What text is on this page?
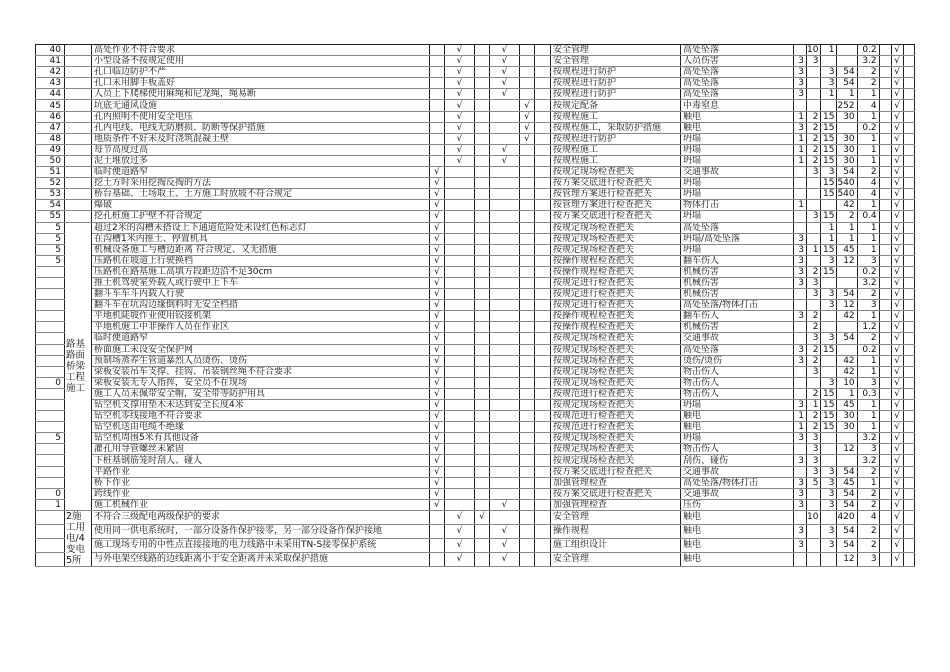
40		高处作业不符合要求		√		√			安全管理	高处坠落		10	1		0.2		√	
41		小型设备不按规定使用		√		√			安全管理	人员伤害	3	3			3.2		√	
42		孔口临边防护不严		√		√			按规程进行防护	高处坠落	3		3	54	2		√	
43		孔口未用脚手板盖好		√		√			按规程进行防护	高处坠落	3		3	54	2		√	
44		人员上下爬梯使用麻绳和尼龙绳，绳易断		√		√			按规程进行防护	高处坠落	3		1	1	1		√	
45		坑底无通风设施		√			√		按规定配备	中毒窒息				252	4		√	
46		孔内照明不使用安全电压		√			√		按规程施工	触电	1	2	15	30	1		√	
47		孔内电线、电线无防磨损、防断等保护措施		√			√		按规程施工，采取防护措施	触电	3	2	15		0.2		√	
48		地质条件不好未及时浇筑混凝土壁		√			√		按规程进行防护	坍塌	1	2	15	30	1		√	
49		每节高度过高		√		√			按规程施工	坍塌	1	2	15	30	1		√	
50		泥土堆放过多		√		√			按规程施工	坍塌	1	2	15	30	1		√	
51		临时便道路窄	√						按规定现场检查把关	交通事故		3	3	54	2		√	
52		挖土方时采用挖掏反掏的方法	√						按方案交底进行检查把关	坍塌			15	540	4		√	
53		桥台基础、土场取土、土方施工时放坡不符合规定	√						按管理方案进行检查把关	坍塌			15	540	4		√	
54		爆破	√						按管理方案进行检查把关	物体打击	1			42	1		√	
55		挖孔桩施工护壁不符合规定	√						按方案交底进行检查把关	坍塌		3	15	2	0.4		√	
5	路基路面桥梁工程施工	超过2米的沟槽未搭设上下通道危险处未设红色标志灯	√						按规定现场检查把关	高处坠落			1	1	1		√	
5		在沟槽1米内推土、停置机具	√						按规定现场检查把关	坍塌/高处坠落	3		1	1	1		√	
5		机械设备施工与槽边距离 符合规定、又无措施	√						按规定现场检查把关	坍塌	3	1	15	45	1		√	
5		压路机在坡道上行驶换档	√						按操作规程检查把关	翻车伤人	3		3	12	3		√	
		压路机在路基施工高填方段距边沿不足30cm	√						按操作规程检查把关	机械伤害	3	2	15		0.2		√	
		推土机驾驶室外载人或行驶中上下车	√						按规定进行检查把关	机械伤害	3	3			3.2		√	
		翻斗车车斗内载人行驶	√						按规定进行检查把关	机械伤害		3	3	54	2		√	
		翻斗车在坑沟边缘倒料时无安全档措	√						按规定进行检查把关	高处坠落/物体打击			3	12	3		√	
		平地机陡坡作业使用铰接机架	√						按操作规程检查把关	翻车伤人	3	2		42	1		√	
		平地机施工中非操作人员在作业区	√						按操作规程检查把关	机械伤害		2			1.2		√	
		临时便道路窄	√						按规定现场检查把关	交通事故		3	3	54	2		√	
		桥面施工未设安全保护网	√						按规定现场检查把关	高处坠落	3	2	15		0.2		√	
		预制场蒸养生管道暴烈人员烫伤、烫伤	√						按规定现场检查把关	烫伤/烫伤	3	2		42	1		√	
		梁板安装吊车支撑、挂钩、吊装钢丝绳不符合要求	√						按规定现场检查把关	物击伤人		3		42	1		√	
0		梁板安装无专人指挥，安全员不在现场	√						按规定现场检查把关	物击伤人			3	10	3		√	
		施工人员未佩带安全帽，安全带等防护用具	√						按规范进行检查把关	物击伤人		2	15	1	0.3		√	
		钻空机支撑用垫木未达到安全长度4米	√						按规定现场检查把关	坍塌	3	1	15	45	1		√	
		钻空机零线接地不符合要求	√						按规范进行检查把关	触电	1	2	15	30	1		√	
		钻空机送由电缆不绝缘	√						按规范进行检查把关	触电	1	2	15	30	1		√	
5		钻空机周围5米有其他设备	√						按规定现场检查把关	坍塌	3	3			3.2		√	
		灌孔用导管螺丝未紧固	√						按规定现场检查把关	物击伤人		3		12	3		√	
		下桩基钢筋笼时刮人、碰人	√						按规定现场检查把关	刮伤、碰伤	3	3			3.2		√	
		平路作业	√						按方案交底进行检查把关	交通事故		3	3	54	2		√	
		桥下作业	√						加强管理检查	高处坠落/物体打击	3	5	3	45	1		√	
0		跨线作业	√						按方案交底进行检查把关	交通事故	3		3	54	2		√	
1		施工机械作业	√			√			加强管理检查	压伤	3		3	54	2		√	
	2施工用电/4变电5所	不符合三级配电两级保护的要求		√	√				安全管理	触电		10		420	4		√	
		使用同一供电系统时，一部分设备作保护接零，另一部分设备作保护接地		√		√			操作规程	触电	3		3	54	2		√	
		施工现场专用的中性点直接接地的电力线路中未采用TN-S接零保护系统		√		√			施工组织设计	触电	3		3	54	2		√	
		与外电架空线路的边线距离小于安全距离并未采取保护措施		√		√			安全管理	触电				12	3		√	
